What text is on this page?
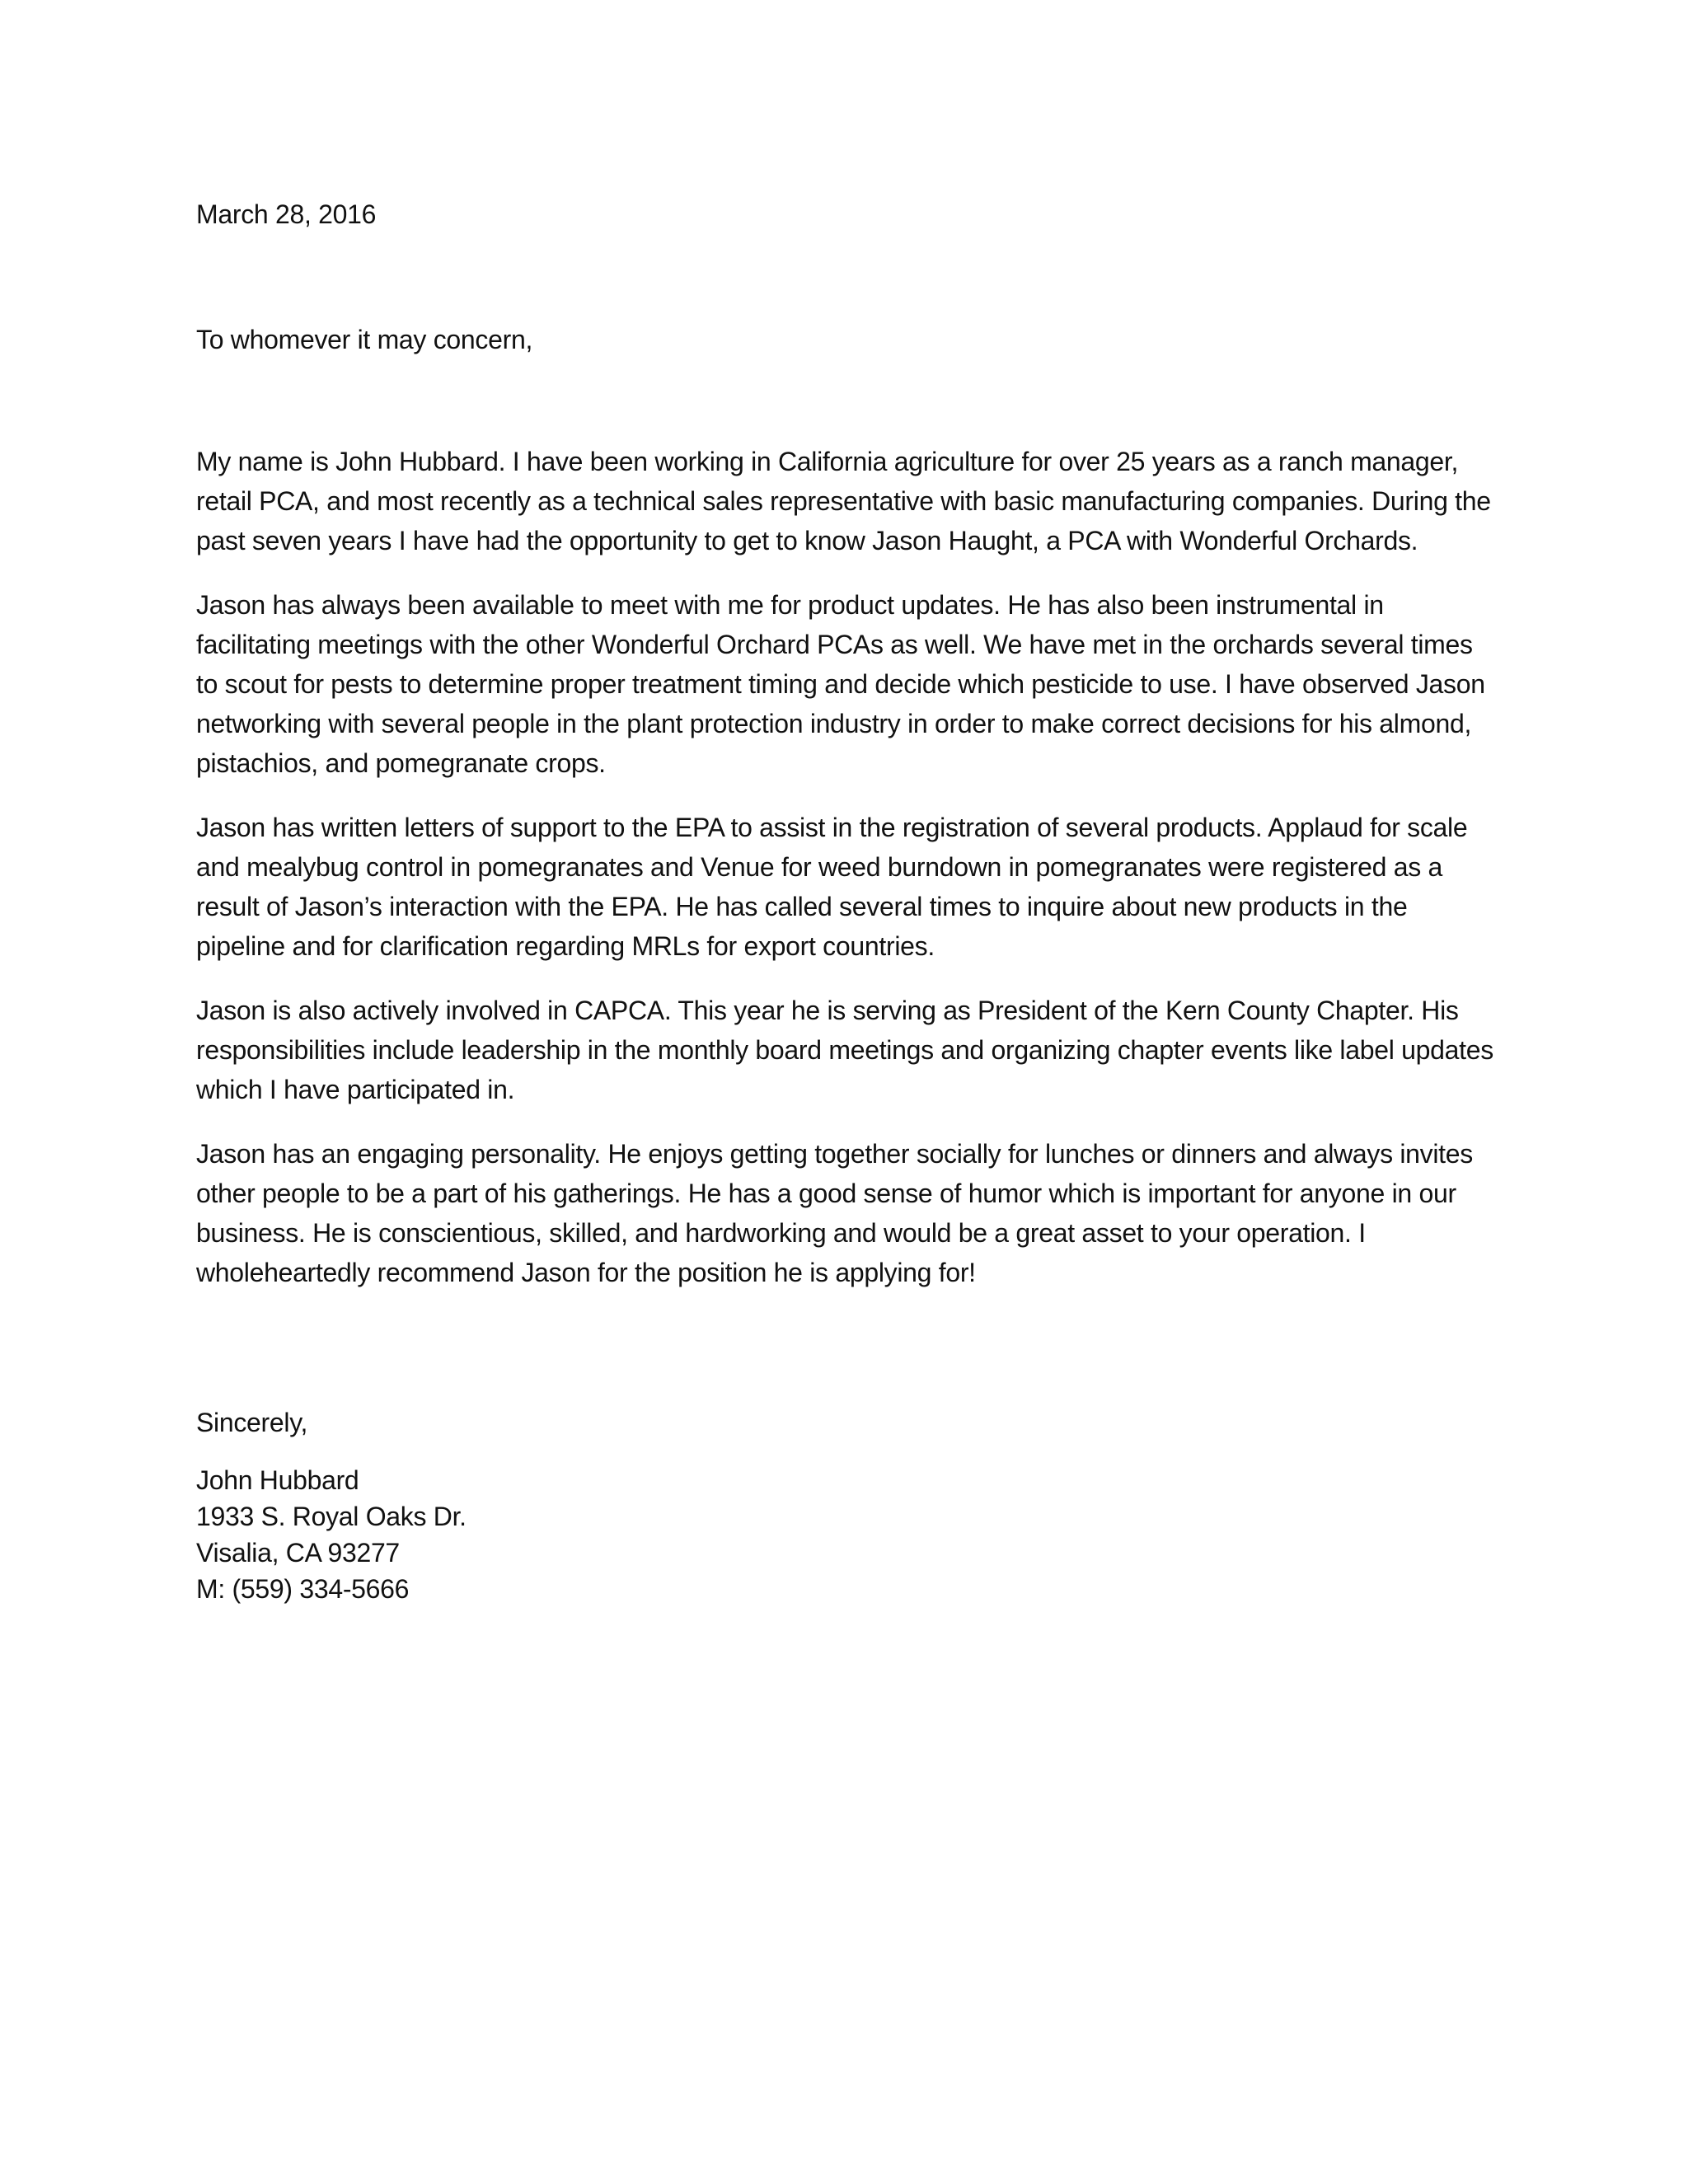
March 28, 2016
To whomever it may concern,

My name is John Hubbard. I have been working in California agriculture for over 25 years as a ranch manager, retail PCA, and most recently as a technical sales representative with basic manufacturing companies. During the past seven years I have had the opportunity to get to know Jason Haught, a PCA with Wonderful Orchards.

Jason has always been available to meet with me for product updates. He has also been instrumental in facilitating meetings with the other Wonderful Orchard PCAs as well. We have met in the orchards several times to scout for pests to determine proper treatment timing and decide which pesticide to use. I have observed Jason networking with several people in the plant protection industry in order to make correct decisions for his almond, pistachios, and pomegranate crops.

Jason has written letters of support to the EPA to assist in the registration of several products. Applaud for scale and mealybug control in pomegranates and Venue for weed burndown in pomegranates were registered as a result of Jason’s interaction with the EPA. He has called several times to inquire about new products in the pipeline and for clarification regarding MRLs for export countries.

Jason is also actively involved in CAPCA. This year he is serving as President of the Kern County Chapter. His responsibilities include leadership in the monthly board meetings and organizing chapter events like label updates which I have participated in.

Jason has an engaging personality. He enjoys getting together socially for lunches or dinners and always invites other people to be a part of his gatherings. He has a good sense of humor which is important for anyone in our business. He is conscientious, skilled, and hardworking and would be a great asset to your operation. I wholeheartedly recommend Jason for the position he is applying for!

Sincerely,
John Hubbard
1933 S. Royal Oaks Dr.
Visalia, CA 93277
M: (559) 334-5666
